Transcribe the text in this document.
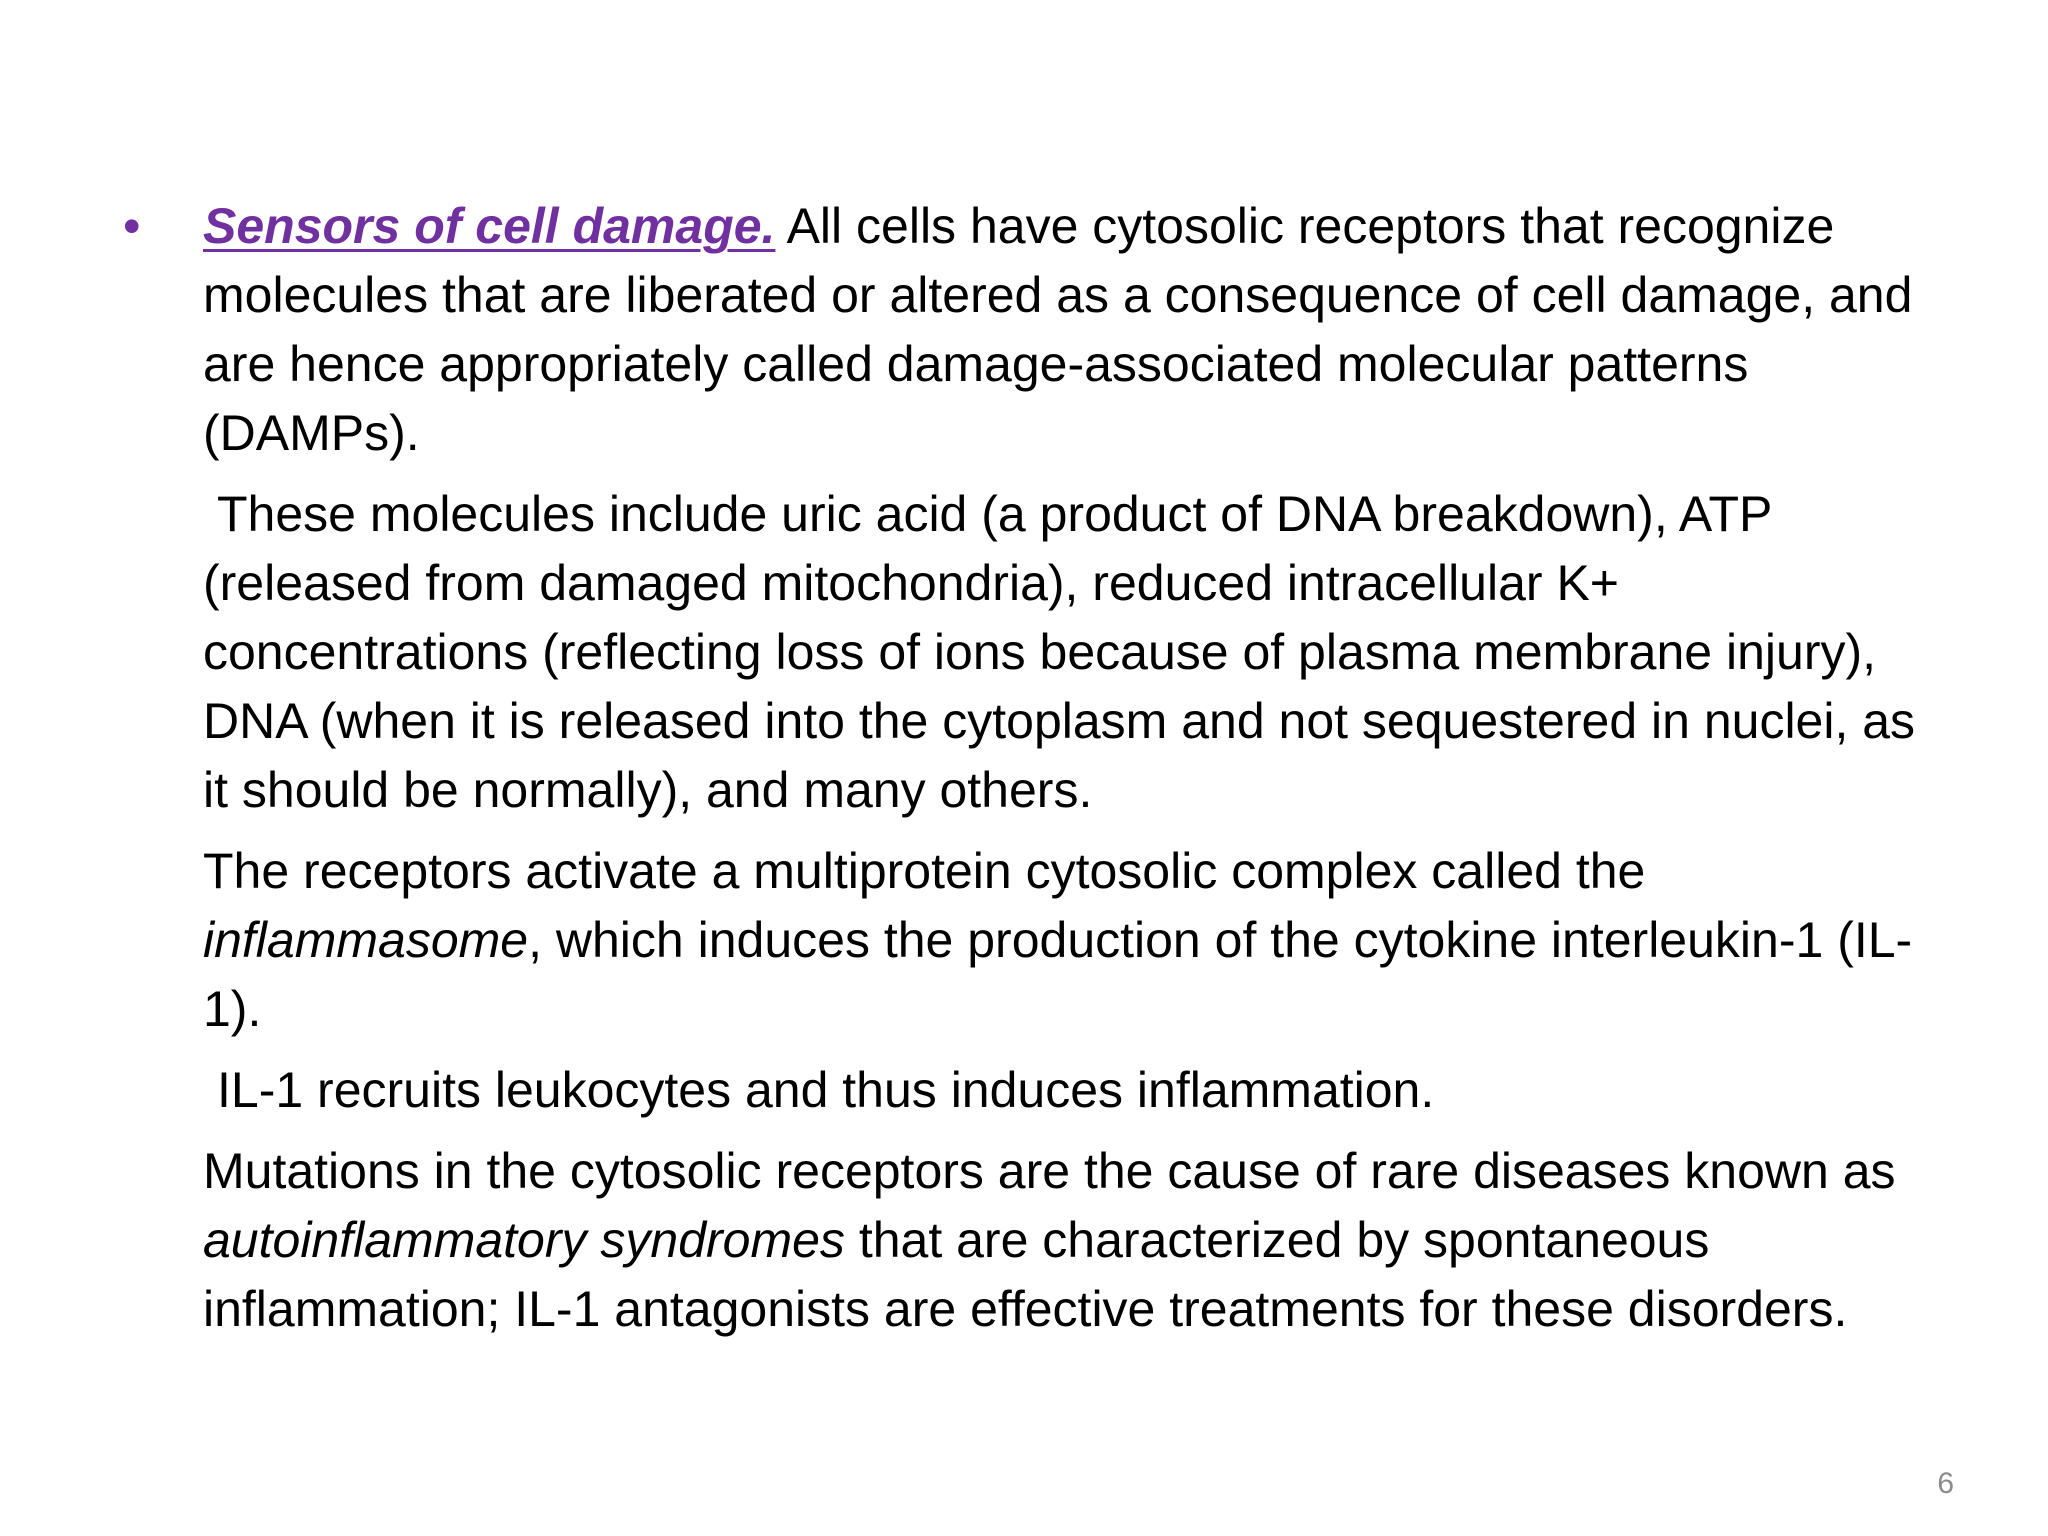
• Sensors of cell damage. All cells have cytosolic receptors that recognize molecules that are liberated or altered as a consequence of cell damage, and are hence appropriately called damage-associated molecular patterns (DAMPs).

These molecules include uric acid (a product of DNA breakdown), ATP (released from damaged mitochondria), reduced intracellular K+ concentrations (reflecting loss of ions because of plasma membrane injury), DNA (when it is released into the cytoplasm and not sequestered in nuclei, as it should be normally), and many others.

The receptors activate a multiprotein cytosolic complex called the inflammasome, which induces the production of the cytokine interleukin-1 (IL-1).

IL-1 recruits leukocytes and thus induces inflammation.

Mutations in the cytosolic receptors are the cause of rare diseases known as autoinflammatory syndromes that are characterized by spontaneous inflammation; IL-1 antagonists are effective treatments for these disorders.

6
